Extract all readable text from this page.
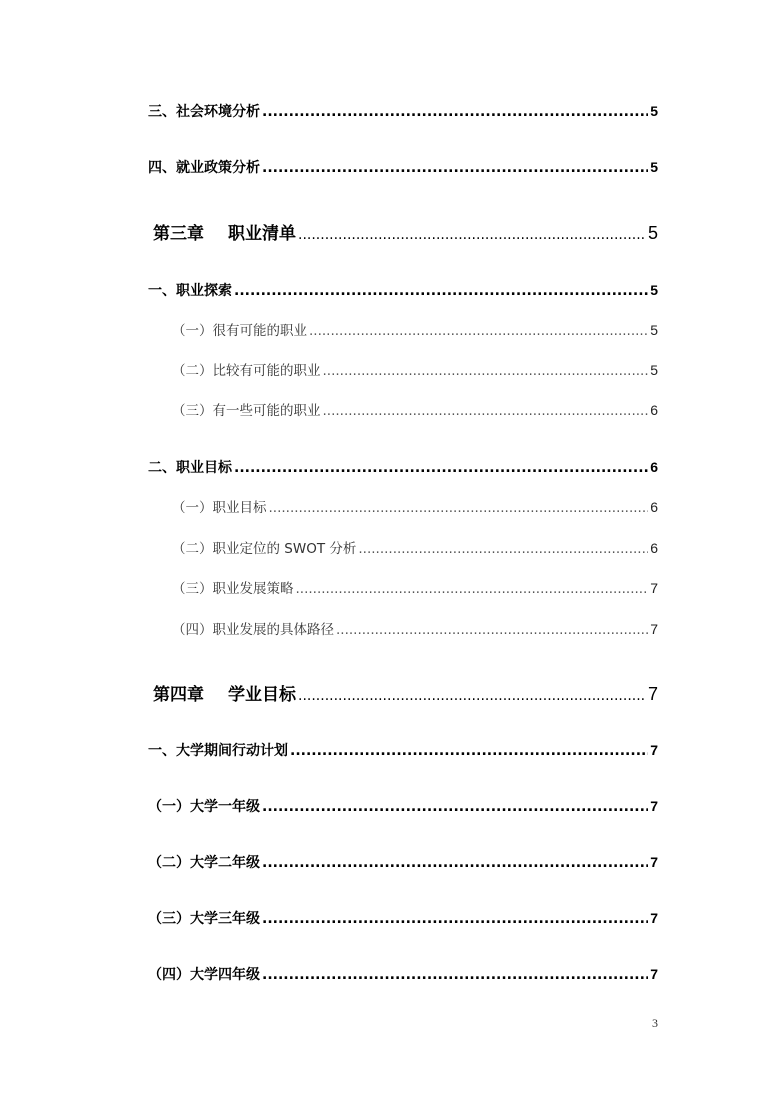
三、社会环境分析 .....	5
四、就业政策分析 .....	5
第三章 职业清单 .....	5
一、职业探索 .....	5
（一）很有可能的职业 .....	5
（二）比较有可能的职业 .....	5
（三）有一些可能的职业 .....	6
二、职业目标 .....	6
（一）职业目标 .....	6
（二）职业定位的 SWOT 分析 .....	6
（三）职业发展策略 .....	7
（四）职业发展的具体路径 .....	7
第四章 学业目标 .....	7
一、大学期间行动计划 .....	7
（一）大学一年级 .....	7
（二）大学二年级 .....	7
（三）大学三年级 .....	7
（四）大学四年级 .....	7
3
